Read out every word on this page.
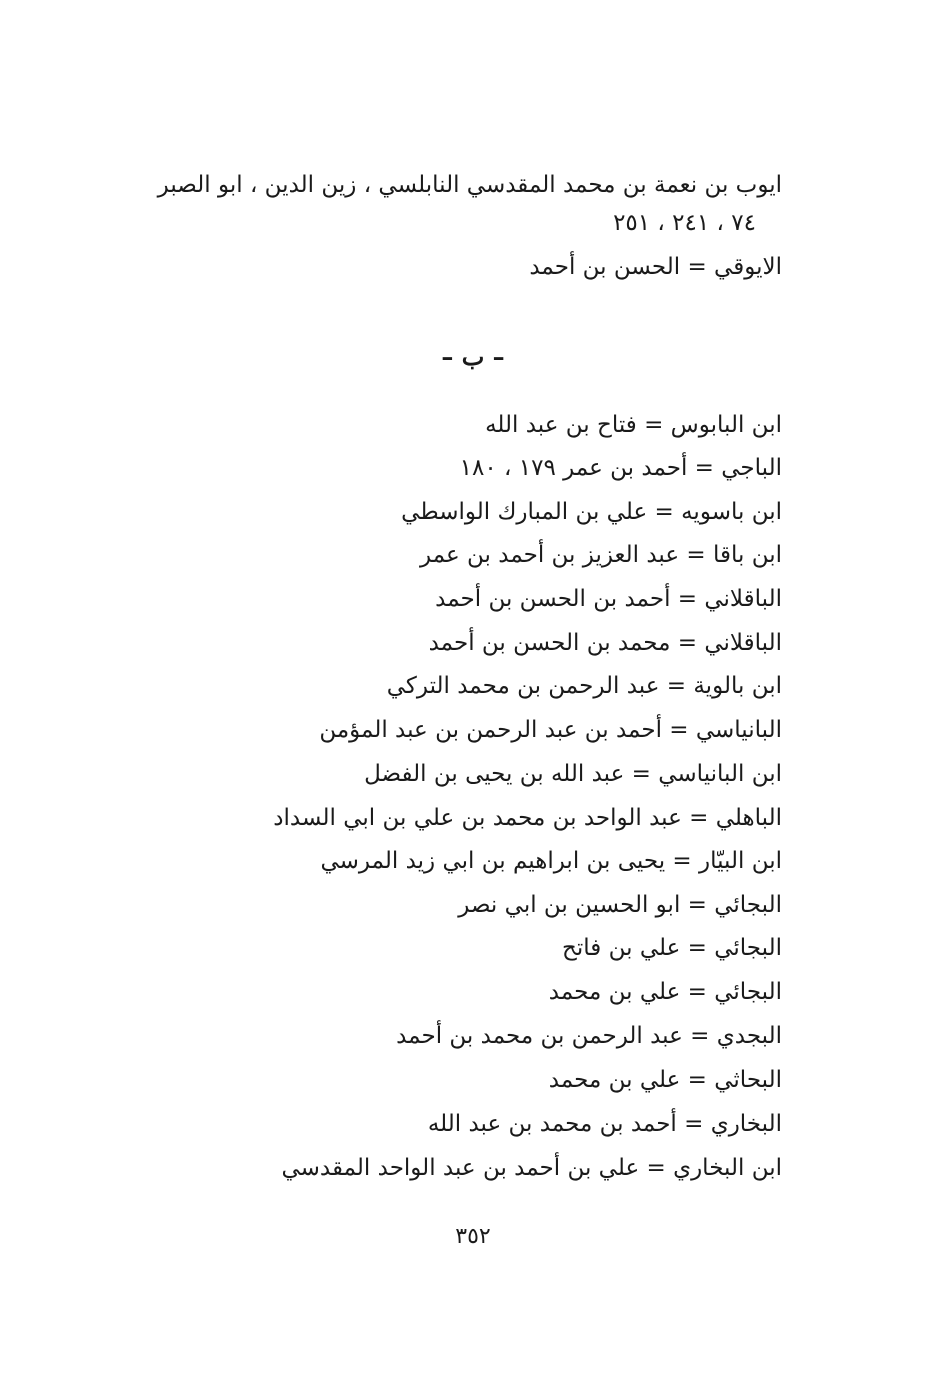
ايوب بن نعمة بن محمد المقدسي النابلسي ، زين الدين ، ابو الصبر
٧٤ ، ٢٤١ ، ٢٥١
الايوقي = الحسن بن أحمد
– ب –
ابن البابوس = فتاح بن عبد الله
الباجي = أحمد بن عمر ١٧٩ ، ١٨٠
ابن باسويه = علي بن المبارك الواسطي
ابن باقا = عبد العزيز بن أحمد بن عمر
الباقلاني = أحمد بن الحسن بن أحمد
الباقلاني = محمد بن الحسن بن أحمد
ابن بالوية = عبد الرحمن بن محمد التركي
البانياسي = أحمد بن عبد الرحمن بن عبد المؤمن
ابن البانياسي = عبد الله بن يحيى بن الفضل
الباهلي = عبد الواحد بن محمد بن علي بن ابي السداد
ابن البيّار = يحيى بن ابراهيم بن ابي زيد المرسي
البجائي = ابو الحسين بن ابي نصر
البجائي = علي بن فاتح
البجائي = علي بن محمد
البجدي = عبد الرحمن بن محمد بن أحمد
البحاثي = علي بن محمد
البخاري = أحمد بن محمد بن عبد الله
ابن البخاري = علي بن أحمد بن عبد الواحد المقدسي
٣٥٢
